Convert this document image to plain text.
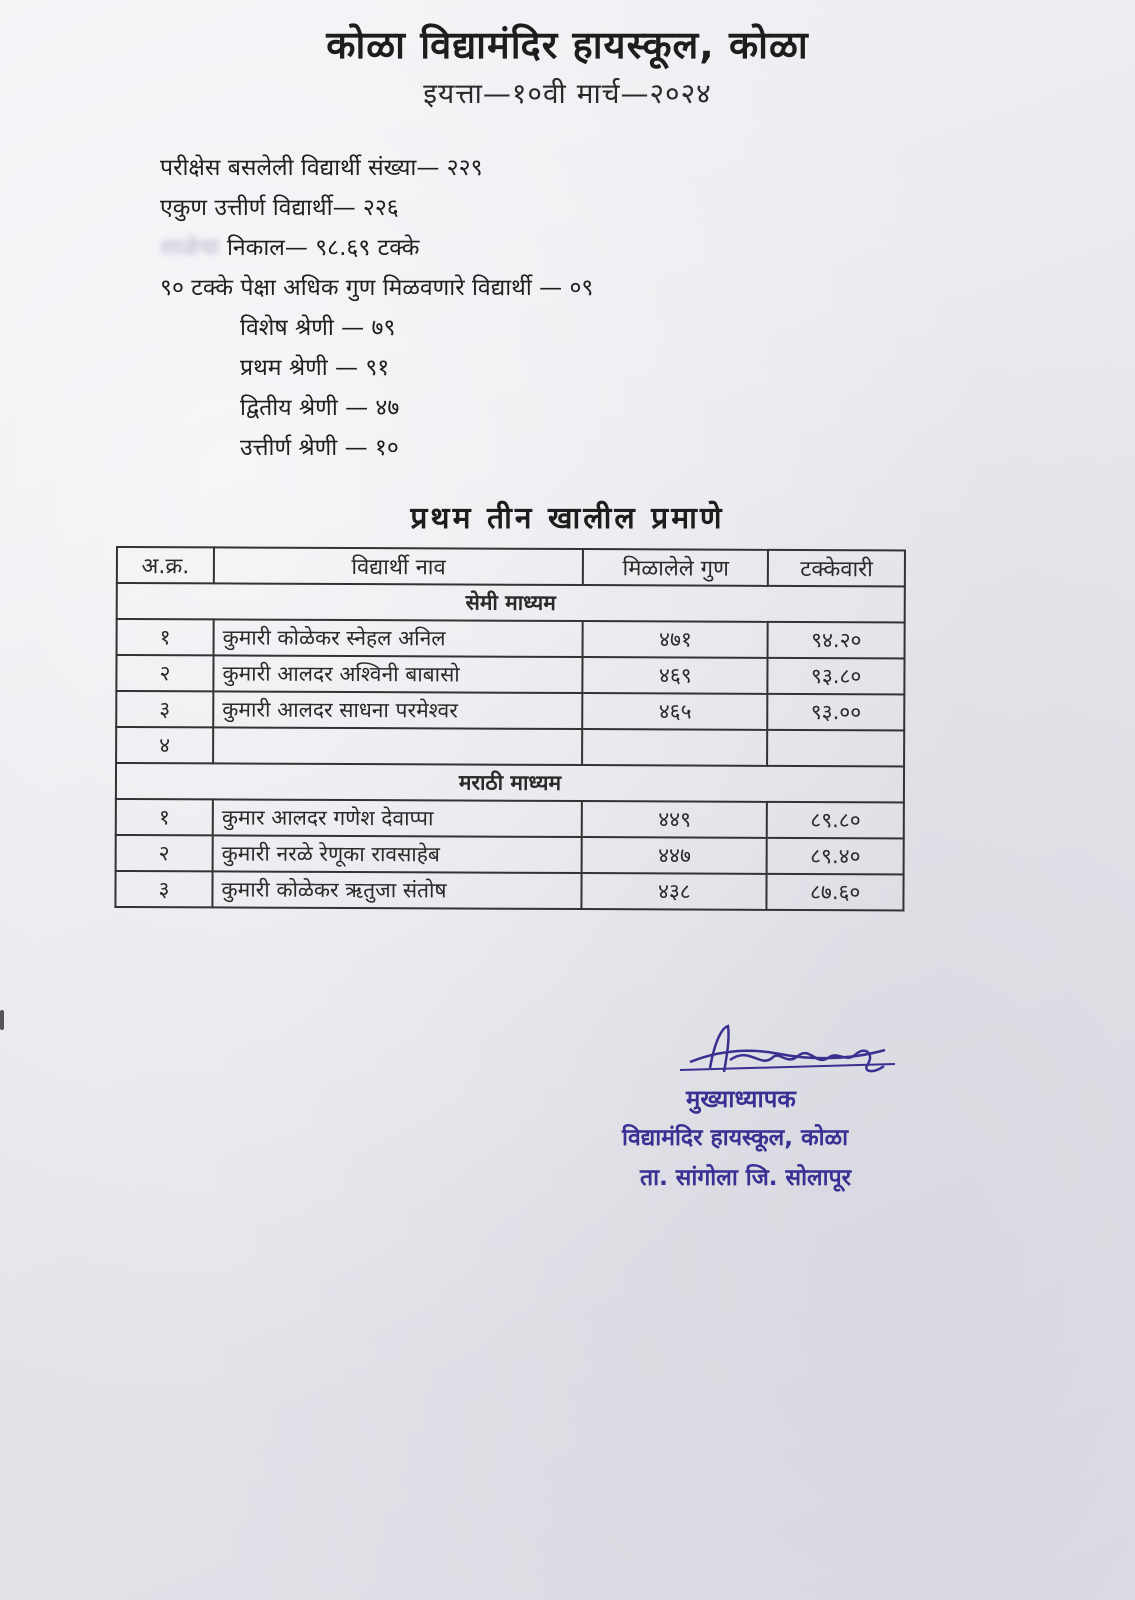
कोळा विद्यामंदिर हायस्कूल, कोळा
इयत्ता—१०वी मार्च—२०२४
परीक्षेस बसलेली विद्यार्थी संख्या— २२९
एकुण उत्तीर्ण विद्यार्थी— २२६
शाळेचा निकाल— ९८.६९ टक्के
९० टक्के पेक्षा अधिक गुण मिळवणारे विद्यार्थी — ०९
विशेष श्रेणी — ७९
प्रथम श्रेणी — ९१
द्वितीय श्रेणी — ४७
उत्तीर्ण श्रेणी — १०
प्रथम तीन खालील प्रमाणे
अ.क्र.	विद्यार्थी नाव	मिळालेले गुण	टक्केवारी
सेमी माध्यम			
१	कुमारी कोळेकर स्नेहल अनिल	४७१	९४.२०
२	कुमारी आलदर अश्विनी बाबासो	४६९	९३.८०
३	कुमारी आलदर साधना परमेश्वर	४६५	९३.००
४			
मराठी माध्यम			
१	कुमार आलदर गणेश देवाप्पा	४४९	८९.८०
२	कुमारी नरळे रेणूका रावसाहेब	४४७	८९.४०
३	कुमारी कोळेकर ऋतुजा संतोष	४३८	८७.६०
मुख्याध्यापक
विद्यामंदिर हायस्कूल, कोळा
ता. सांगोला जि. सोलापूर
